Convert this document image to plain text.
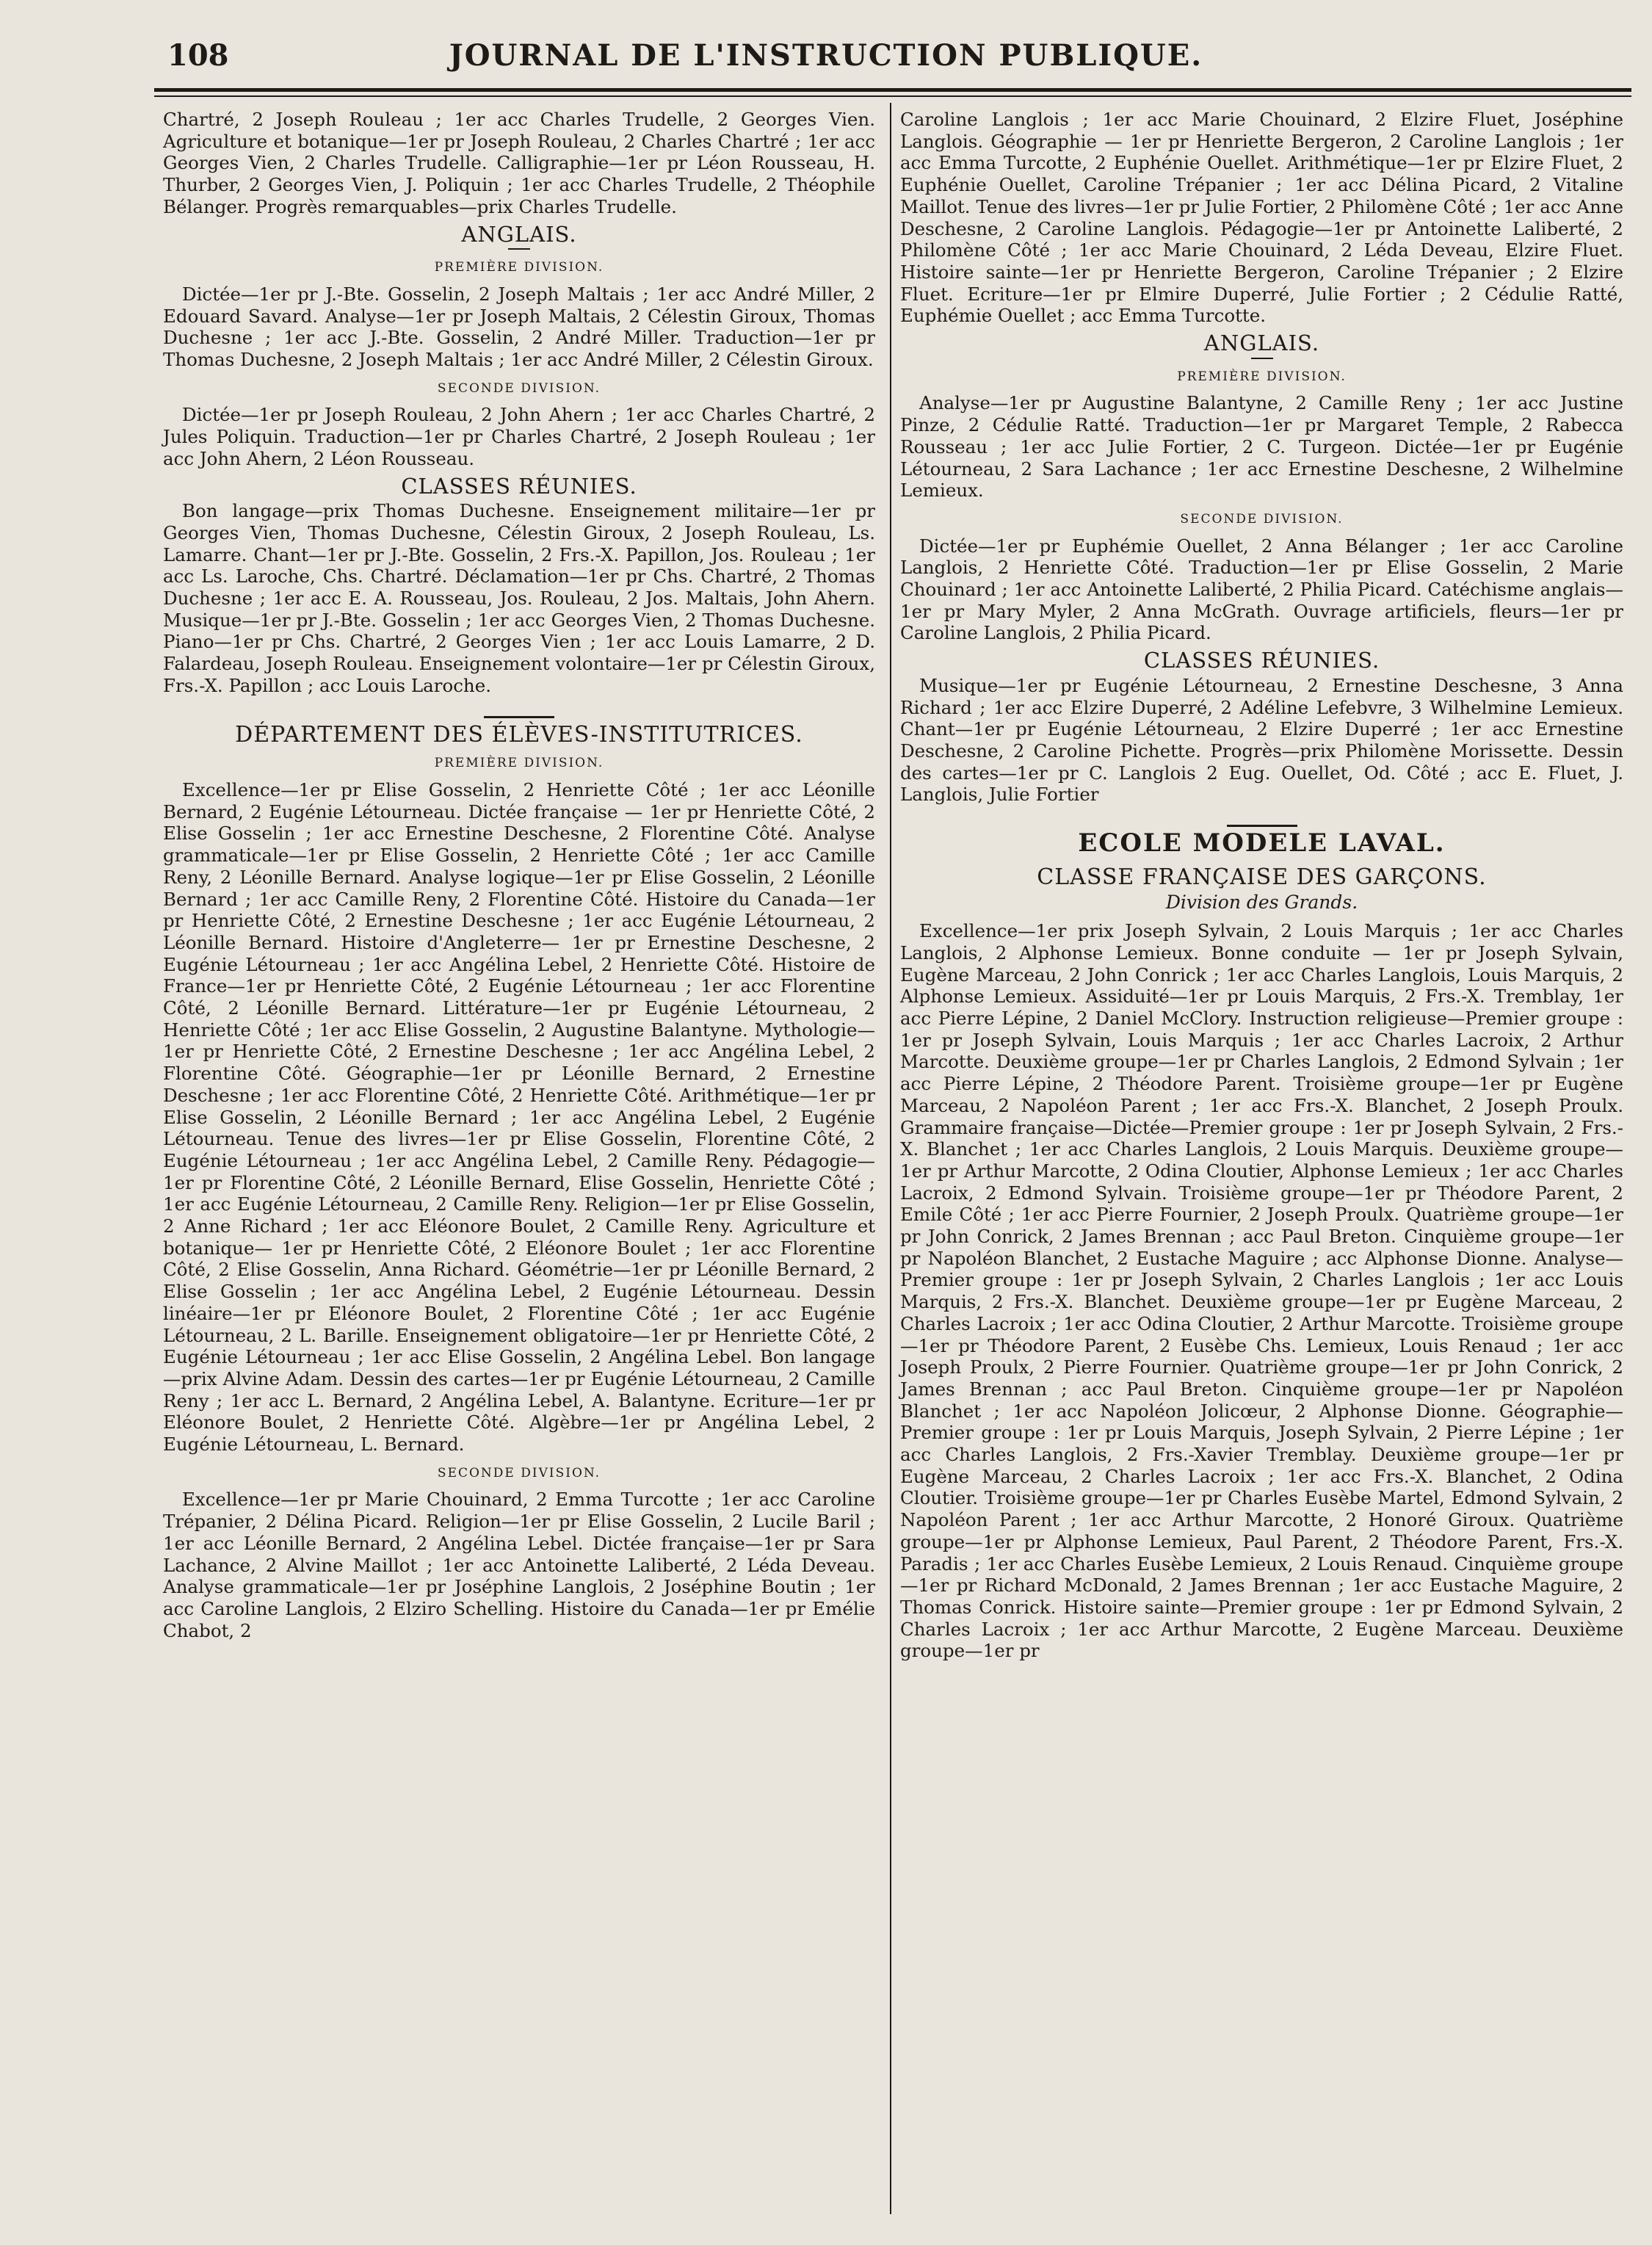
JOURNAL DE L'INSTRUCTION PUBLIQUE.
108

Chartré, 2 Joseph Rouleau ; 1er acc Charles Trudelle, 2 Georges Vien. Agriculture et botanique—1er pr Joseph Rouleau, 2 Charles Chartré ; 1er acc Georges Vien, 2 Charles Trudelle. Calligraphie—1er pr Léon Rousseau, H. Thurber, 2 Georges Vien, J. Poliquin ; 1er acc Charles Trudelle, 2 Théophile Bélanger. Progrès remarquables—prix Charles Trudelle.

ANGLAIS.
PREMIÈRE DIVISION.

Dictée—1er pr J.-Bte. Gosselin, 2 Joseph Maltais ; 1er acc André Miller, 2 Edouard Savard. Analyse—1er pr Joseph Maltais, 2 Célestin Giroux, Thomas Duchesne ; 1er acc J.-Bte. Gosselin, 2 André Miller. Traduction—1er pr Thomas Duchesne, 2 Joseph Maltais ; 1er acc André Miller, 2 Célestin Giroux.

SECONDE DIVISION.

Dictée—1er pr Joseph Rouleau, 2 John Ahern ; 1er acc Charles Chartré, 2 Jules Poliquin. Traduction—1er pr Charles Chartré, 2 Joseph Rouleau ; 1er acc John Ahern, 2 Léon Rousseau.

CLASSES RÉUNIES.

Bon langage—prix Thomas Duchesne. Enseignement militaire—1er pr Georges Vien, Thomas Duchesne, Célestin Giroux, 2 Joseph Rouleau, Ls. Lamarre. Chant—1er pr J.-Bte. Gosselin, 2 Frs.-X. Papillon, Jos. Rouleau ; 1er acc Ls. Laroche, Chs. Chartré. Déclamation—1er pr Chs. Chartré, 2 Thomas Duchesne ; 1er acc E. A. Rousseau, Jos. Rouleau, 2 Jos. Maltais, John Ahern. Musique—1er pr J.-Bte. Gosselin ; 1er acc Georges Vien, 2 Thomas Duchesne. Piano—1er pr Chs. Chartré, 2 Georges Vien ; 1er acc Louis Lamarre, 2 D. Falardeau, Joseph Rouleau. Enseignement volontaire—1er pr Célestin Giroux, Frs.-X. Papillon ; acc Louis Laroche.

DÉPARTEMENT DES ÉLÈVES-INSTITUTRICES.
PREMIÈRE DIVISION.

Excellence—1er pr Elise Gosselin, 2 Henriette Côté ; 1er acc Léonille Bernard, 2 Eugénie Létourneau. Dictée française — 1er pr Henriette Côté, 2 Elise Gosselin ; 1er acc Ernestine Deschesne, 2 Florentine Côté. Analyse grammaticale—1er pr Elise Gosselin, 2 Henriette Côté ; 1er acc Camille Reny, 2 Léonille Bernard. Analyse logique—1er pr Elise Gosselin, 2 Léonille Bernard ; 1er acc Camille Reny, 2 Florentine Côté. Histoire du Canada—1er pr Henriette Côté, 2 Ernestine Deschesne ; 1er acc Eugénie Létourneau, 2 Léonille Bernard. Histoire d'Angleterre— 1er pr Ernestine Deschesne, 2 Eugénie Létourneau ; 1er acc Angélina Lebel, 2 Henriette Côté. Histoire de France—1er pr Henriette Côté, 2 Eugénie Létourneau ; 1er acc Florentine Côté, 2 Léonille Bernard. Littérature—1er pr Eugénie Létourneau, 2 Henriette Côté ; 1er acc Elise Gosselin, 2 Augustine Balantyne. Mythologie—1er pr Henriette Côté, 2 Ernestine Deschesne ; 1er acc Angélina Lebel, 2 Florentine Côté. Géographie—1er pr Léonille Bernard, 2 Ernestine Deschesne ; 1er acc Florentine Côté, 2 Henriette Côté. Arithmétique—1er pr Elise Gosselin, 2 Léonille Bernard ; 1er acc Angélina Lebel, 2 Eugénie Létourneau. Tenue des livres—1er pr Elise Gosselin, Florentine Côté, 2 Eugénie Létourneau ; 1er acc Angélina Lebel, 2 Camille Reny. Pédagogie—1er pr Florentine Côté, 2 Léonille Bernard, Elise Gosselin, Henriette Côté ; 1er acc Eugénie Létourneau, 2 Camille Reny. Religion—1er pr Elise Gosselin, 2 Anne Richard ; 1er acc Eléonore Boulet, 2 Camille Reny. Agriculture et botanique— 1er pr Henriette Côté, 2 Eléonore Boulet ; 1er acc Florentine Côté, 2 Elise Gosselin, Anna Richard. Géométrie—1er pr Léonille Bernard, 2 Elise Gosselin ; 1er acc Angélina Lebel, 2 Eugénie Létourneau. Dessin linéaire—1er pr Eléonore Boulet, 2 Florentine Côté ; 1er acc Eugénie Létourneau, 2 L. Barille. Enseignement obligatoire—1er pr Henriette Côté, 2 Eugénie Létourneau ; 1er acc Elise Gosselin, 2 Angélina Lebel. Bon langage—prix Alvine Adam. Dessin des cartes—1er pr Eugénie Létourneau, 2 Camille Reny ; 1er acc L. Bernard, 2 Angélina Lebel, A. Balantyne. Ecriture—1er pr Eléonore Boulet, 2 Henriette Côté. Algèbre—1er pr Angélina Lebel, 2 Eugénie Létourneau, L. Bernard.

SECONDE DIVISION.

Excellence—1er pr Marie Chouinard, 2 Emma Turcotte ; 1er acc Caroline Trépanier, 2 Délina Picard. Religion—1er pr Elise Gosselin, 2 Lucile Baril ; 1er acc Léonille Bernard, 2 Angélina Lebel. Dictée française—1er pr Sara Lachance, 2 Alvine Maillot ; 1er acc Antoinette Laliberté, 2 Léda Deveau. Analyse grammaticale—1er pr Joséphine Langlois, 2 Joséphine Boutin ; 1er acc Caroline Langlois, 2 Elziro Schelling. Histoire du Canada—1er pr Emélie Chabot, 2

Caroline Langlois ; 1er acc Marie Chouinard, 2 Elzire Fluet, Joséphine Langlois. Géographie — 1er pr Henriette Bergeron, 2 Caroline Langlois ; 1er acc Emma Turcotte, 2 Euphénie Ouellet. Arithmétique—1er pr Elzire Fluet, 2 Euphénie Ouellet, Caroline Trépanier ; 1er acc Délina Picard, 2 Vitaline Maillot. Tenue des livres—1er pr Julie Fortier, 2 Philomène Côté ; 1er acc Anne Deschesne, 2 Caroline Langlois. Pédagogie—1er pr Antoinette Laliberté, 2 Philomène Côté ; 1er acc Marie Chouinard, 2 Léda Deveau, Elzire Fluet. Histoire sainte—1er pr Henriette Bergeron, Caroline Trépanier ; 2 Elzire Fluet. Ecriture—1er pr Elmire Duperré, Julie Fortier ; 2 Cédulie Ratté, Euphémie Ouellet ; acc Emma Turcotte.

ANGLAIS.
PREMIÈRE DIVISION.

Analyse—1er pr Augustine Balantyne, 2 Camille Reny ; 1er acc Justine Pinze, 2 Cédulie Ratté. Traduction—1er pr Margaret Temple, 2 Rabecca Rousseau ; 1er acc Julie Fortier, 2 C. Turgeon. Dictée—1er pr Eugénie Létourneau, 2 Sara Lachance ; 1er acc Ernestine Deschesne, 2 Wilhelmine Lemieux.

SECONDE DIVISION.

Dictée—1er pr Euphémie Ouellet, 2 Anna Bélanger ; 1er acc Caroline Langlois, 2 Henriette Côté. Traduction—1er pr Elise Gosselin, 2 Marie Chouinard ; 1er acc Antoinette Laliberté, 2 Philia Picard. Catéchisme anglais—1er pr Mary Myler, 2 Anna McGrath. Ouvrage artificiels, fleurs—1er pr Caroline Langlois, 2 Philia Picard.

CLASSES RÉUNIES.

Musique—1er pr Eugénie Létourneau, 2 Ernestine Deschesne, 3 Anna Richard ; 1er acc Elzire Duperré, 2 Adéline Lefebvre, 3 Wilhelmine Lemieux. Chant—1er pr Eugénie Létourneau, 2 Elzire Duperré ; 1er acc Ernestine Deschesne, 2 Caroline Pichette. Progrès—prix Philomène Morissette. Dessin des cartes—1er pr C. Langlois 2 Eug. Ouellet, Od. Côté ; acc E. Fluet, J. Langlois, Julie Fortier

ECOLE MODELE LAVAL.
CLASSE FRANÇAISE DES GARÇONS.
Division des Grands.

Excellence—1er prix Joseph Sylvain, 2 Louis Marquis ; 1er acc Charles Langlois, 2 Alphonse Lemieux. Bonne conduite — 1er pr Joseph Sylvain, Eugène Marceau, 2 John Conrick ; 1er acc Charles Langlois, Louis Marquis, 2 Alphonse Lemieux. Assiduité—1er pr Louis Marquis, 2 Frs.-X. Tremblay, 1er acc Pierre Lépine, 2 Daniel McClory. Instruction religieuse—Premier groupe : 1er pr Joseph Sylvain, Louis Marquis ; 1er acc Charles Lacroix, 2 Arthur Marcotte. Deuxième groupe—1er pr Charles Langlois, 2 Edmond Sylvain ; 1er acc Pierre Lépine, 2 Théodore Parent. Troisième groupe—1er pr Eugène Marceau, 2 Napoléon Parent ; 1er acc Frs.-X. Blanchet, 2 Joseph Proulx. Grammaire française—Dictée—Premier groupe : 1er pr Joseph Sylvain, 2 Frs.-X. Blanchet ; 1er acc Charles Langlois, 2 Louis Marquis. Deuxième groupe—1er pr Arthur Marcotte, 2 Odina Cloutier, Alphonse Lemieux ; 1er acc Charles Lacroix, 2 Edmond Sylvain. Troisième groupe—1er pr Théodore Parent, 2 Emile Côté ; 1er acc Pierre Fournier, 2 Joseph Proulx. Quatrième groupe—1er pr John Conrick, 2 James Brennan ; acc Paul Breton. Cinquième groupe—1er pr Napoléon Blanchet, 2 Eustache Maguire ; acc Alphonse Dionne. Analyse—Premier groupe : 1er pr Joseph Sylvain, 2 Charles Langlois ; 1er acc Louis Marquis, 2 Frs.-X. Blanchet. Deuxième groupe—1er pr Eugène Marceau, 2 Charles Lacroix ; 1er acc Odina Cloutier, 2 Arthur Marcotte. Troisième groupe—1er pr Théodore Parent, 2 Eusèbe Chs. Lemieux, Louis Renaud ; 1er acc Joseph Proulx, 2 Pierre Fournier. Quatrième groupe—1er pr John Conrick, 2 James Brennan ; acc Paul Breton. Cinquième groupe—1er pr Napoléon Blanchet ; 1er acc Napoléon Jolicœur, 2 Alphonse Dionne. Géographie—Premier groupe : 1er pr Louis Marquis, Joseph Sylvain, 2 Pierre Lépine ; 1er acc Charles Langlois, 2 Frs.-Xavier Tremblay. Deuxième groupe—1er pr Eugène Marceau, 2 Charles Lacroix ; 1er acc Frs.-X. Blanchet, 2 Odina Cloutier. Troisième groupe—1er pr Charles Eusèbe Martel, Edmond Sylvain, 2 Napoléon Parent ; 1er acc Arthur Marcotte, 2 Honoré Giroux. Quatrième groupe—1er pr Alphonse Lemieux, Paul Parent, 2 Théodore Parent, Frs.-X. Paradis ; 1er acc Charles Eusèbe Lemieux, 2 Louis Renaud. Cinquième groupe—1er pr Richard McDonald, 2 James Brennan ; 1er acc Eustache Maguire, 2 Thomas Conrick. Histoire sainte—Premier groupe : 1er pr Edmond Sylvain, 2 Charles Lacroix ; 1er acc Arthur Marcotte, 2 Eugène Marceau. Deuxième groupe—1er pr
